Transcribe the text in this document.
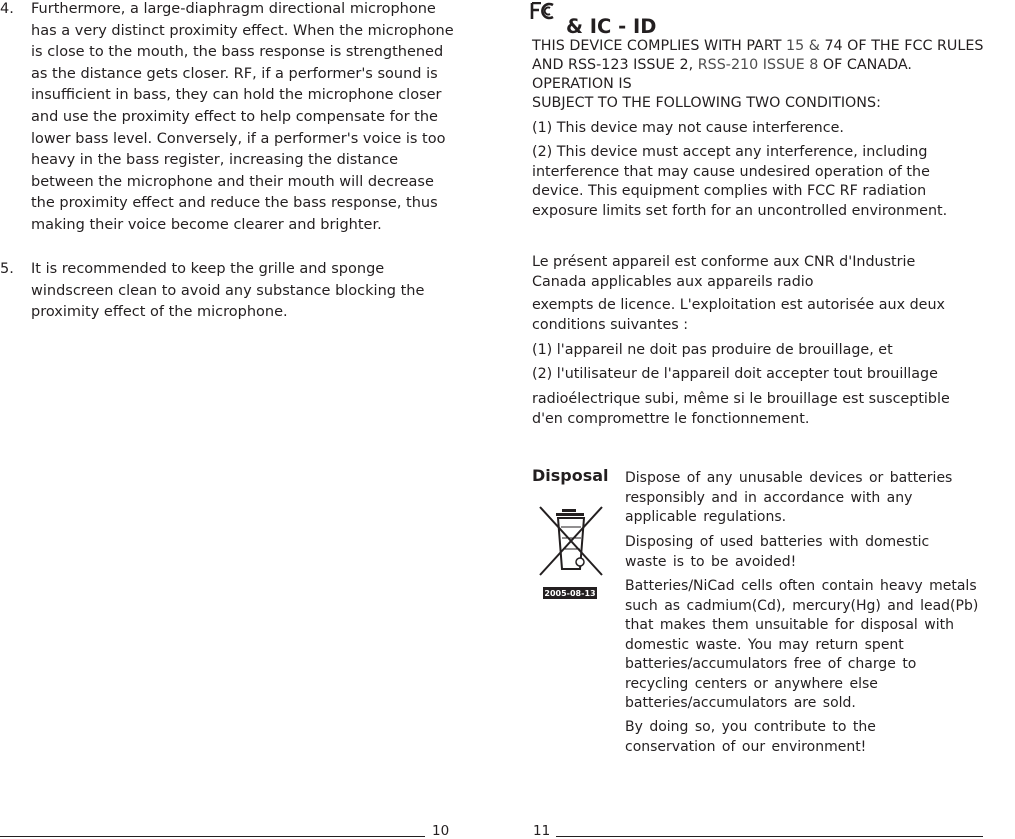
4. Furthermore, a large-diaphragm directional microphone has a very distinct proximity effect. When the microphone is close to the mouth, the bass response is strengthened as the distance gets closer. RF, if a performer's sound is insufficient in bass, they can hold the microphone closer and use the proximity effect to help compensate for the lower bass level. Conversely, if a performer's voice is too heavy in the bass register, increasing the distance between the microphone and their mouth will decrease the proximity effect and reduce the bass response, thus making their voice become clearer and brighter.
5. It is recommended to keep the grille and sponge windscreen clean to avoid any substance blocking the proximity effect of the microphone.
10
& IC - ID

THIS DEVICE COMPLIES WITH PART 15 & 74 OF THE FCC RULES
AND RSS-123 ISSUE 2, RSS-210 ISSUE 8 OF CANADA.
OPERATION IS
SUBJECT TO THE FOLLOWING TWO CONDITIONS:

(1) This device may not cause interference.

(2) This device must accept any interference, including interference that may cause undesired operation of the device. This equipment complies with FCC RF radiation exposure limits set forth for an uncontrolled environment.

Le présent appareil est conforme aux CNR d'Industrie Canada applicables aux appareils radio

exempts de licence. L'exploitation est autorisée aux deux conditions suivantes :

(1) l'appareil ne doit pas produire de brouillage, et

(2) l'utilisateur de l'appareil doit accepter tout brouillage

radioélectrique subi, même si le brouillage est susceptible d'en compromettre le fonctionnement.

Disposal
2005-08-13

Dispose of any unusable devices or batteries responsibly and in accordance with any applicable regulations.

Disposing of used batteries with domestic waste is to be avoided!

Batteries/NiCad cells often contain heavy metals such as cadmium(Cd), mercury(Hg) and lead(Pb) that makes them unsuitable for disposal with domestic waste. You may return spent batteries/accumulators free of charge to recycling centers or anywhere else batteries/accumulators are sold.

By doing so, you contribute to the conservation of our environment!

11
